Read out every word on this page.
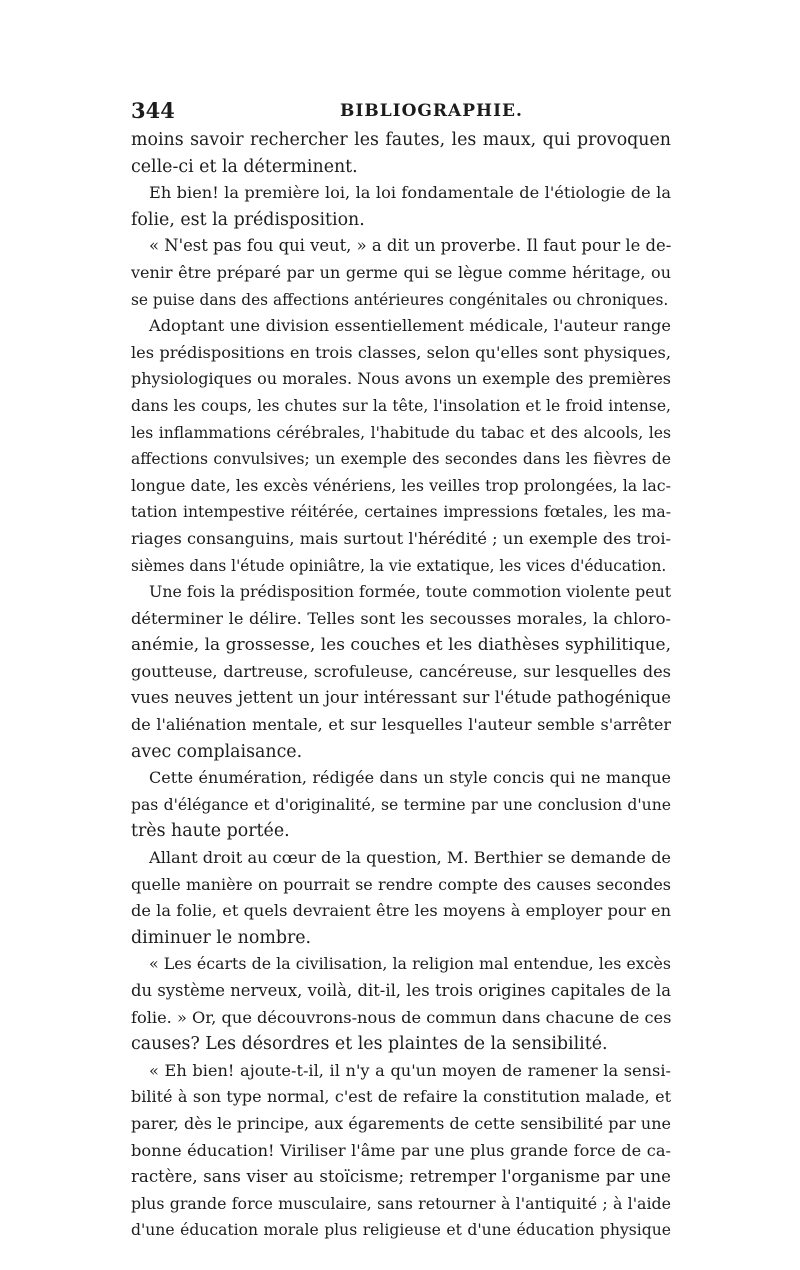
344	BIBLIOGRAPHIE.
moins savoir rechercher les fautes, les maux, qui provoquen
celle-ci et la déterminent.
Eh bien! la première loi, la loi fondamentale de l'étiologie de la
folie, est la prédisposition.
« N'est pas fou qui veut, » a dit un proverbe. Il faut pour le de-
venir être préparé par un germe qui se lègue comme héritage, ou
se puise dans des affections antérieures congénitales ou chroniques.
Adoptant une division essentiellement médicale, l'auteur range
les prédispositions en trois classes, selon qu'elles sont physiques,
physiologiques ou morales. Nous avons un exemple des premières
dans les coups, les chutes sur la tête, l'insolation et le froid intense,
les inflammations cérébrales, l'habitude du tabac et des alcools, les
affections convulsives; un exemple des secondes dans les fièvres de
longue date, les excès vénériens, les veilles trop prolongées, la lac-
tation intempestive réitérée, certaines impressions fœtales, les ma-
riages consanguins, mais surtout l'hérédité ; un exemple des troi-
sièmes dans l'étude opiniâtre, la vie extatique, les vices d'éducation.
Une fois la prédisposition formée, toute commotion violente peut
déterminer le délire. Telles sont les secousses morales, la chloro-
anémie, la grossesse, les couches et les diathèses syphilitique,
goutteuse, dartreuse, scrofuleuse, cancéreuse, sur lesquelles des
vues neuves jettent un jour intéressant sur l'étude pathogénique
de l'aliénation mentale, et sur lesquelles l'auteur semble s'arrêter
avec complaisance.
Cette énumération, rédigée dans un style concis qui ne manque
pas d'élégance et d'originalité, se termine par une conclusion d'une
très haute portée.
Allant droit au cœur de la question, M. Berthier se demande de
quelle manière on pourrait se rendre compte des causes secondes
de la folie, et quels devraient être les moyens à employer pour en
diminuer le nombre.
« Les écarts de la civilisation, la religion mal entendue, les excès
du système nerveux, voilà, dit-il, les trois origines capitales de la
folie. » Or, que découvrons-nous de commun dans chacune de ces
causes? Les désordres et les plaintes de la sensibilité.
« Eh bien! ajoute-t-il, il n'y a qu'un moyen de ramener la sensi-
bilité à son type normal, c'est de refaire la constitution malade, et
parer, dès le principe, aux égarements de cette sensibilité par une
bonne éducation! Viriliser l'âme par une plus grande force de ca-
ractère, sans viser au stoïcisme; retremper l'organisme par une
plus grande force musculaire, sans retourner à l'antiquité ; à l'aide
d'une éducation morale plus religieuse et d'une éducation physique
